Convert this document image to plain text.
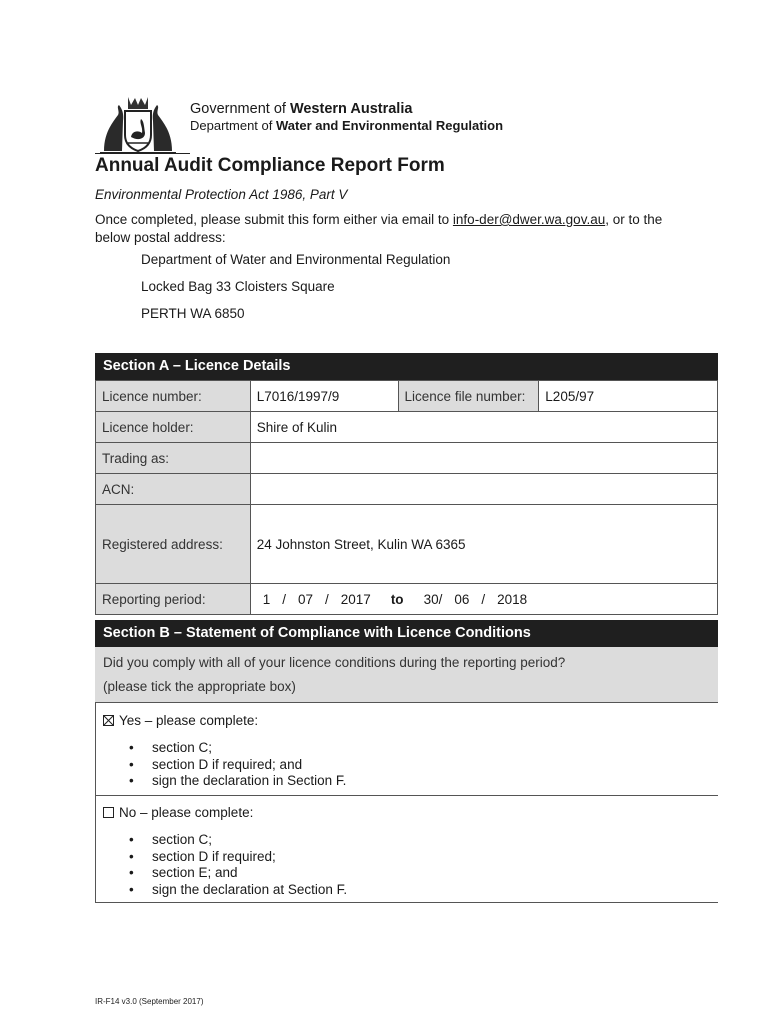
Government of Western Australia
Department of Water and Environmental Regulation
Annual Audit Compliance Report Form
Environmental Protection Act 1986, Part V
Once completed, please submit this form either via email to info-der@dwer.wa.gov.au, or to the below postal address:
Department of Water and Environmental Regulation
Locked Bag 33 Cloisters Square
PERTH WA 6850
Section A – Licence Details
Licence number:	L7016/1997/9	Licence file number:	L205/97
Licence holder:	Shire of Kulin		
Trading as:			
ACN:			
Registered address:	24 Johnston Street, Kulin WA 6365		
Reporting period:	1 / 07 / 2017 to 30/ 06 / 2018		
Section B – Statement of Compliance with Licence Conditions
Did you comply with all of your licence conditions during the reporting period?
(please tick the appropriate box)
Yes – please complete:
• section C;
• section D if required; and
• sign the declaration in Section F.
No – please complete:
• section C;
• section D if required;
• section E; and
• sign the declaration at Section F.
IR-F14 v3.0 (September 2017)
